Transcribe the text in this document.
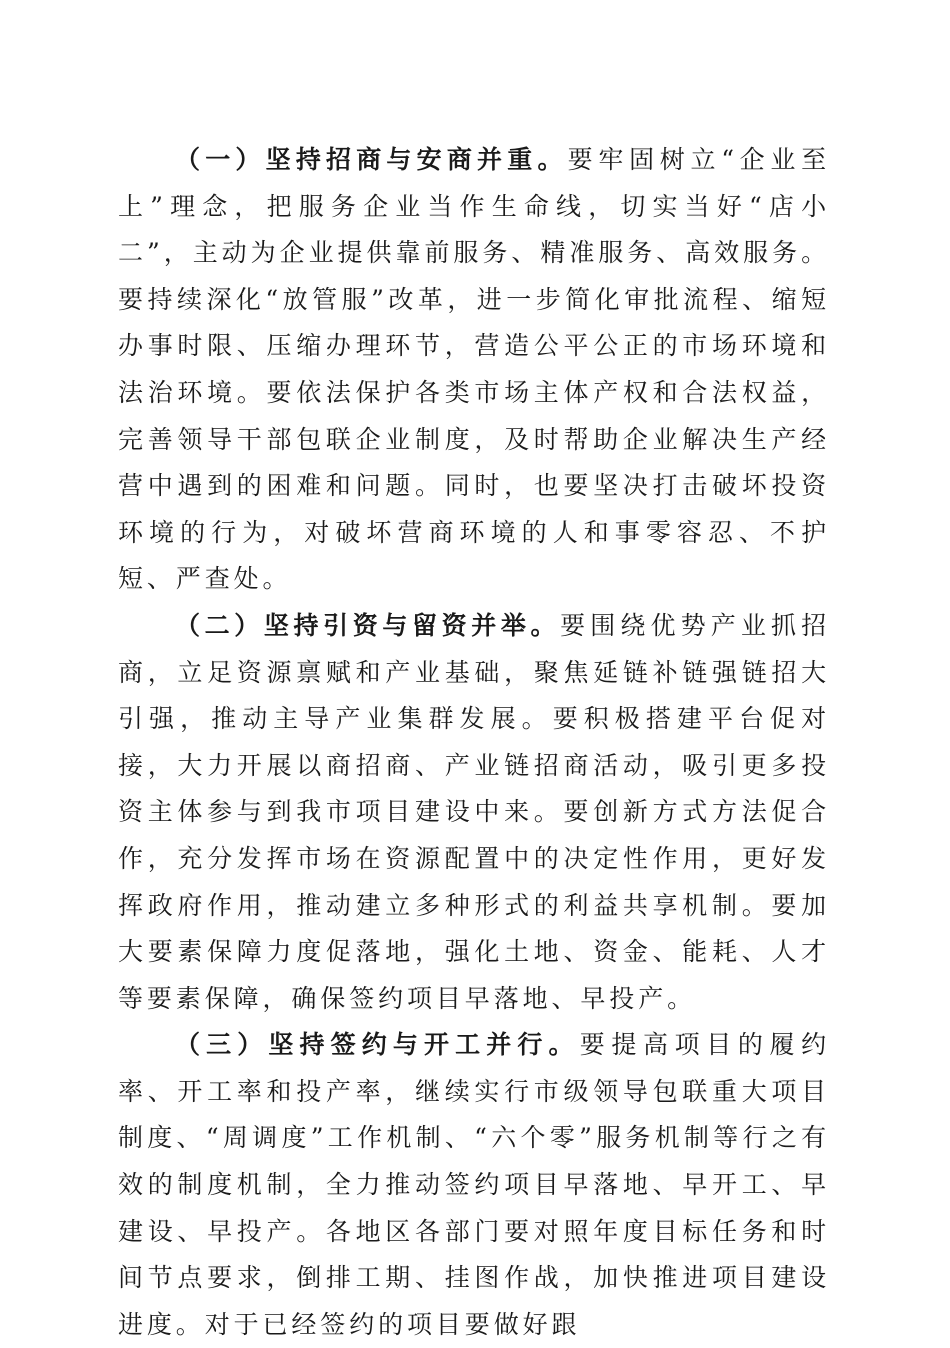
（一）坚持招商与安商并重。要牢固树立“企业至上”理念，把服务企业当作生命线，切实当好“店小二”，主动为企业提供靠前服务、精准服务、高效服务。要持续深化“放管服”改革，进一步简化审批流程、缩短办事时限、压缩办理环节，营造公平公正的市场环境和法治环境。要依法保护各类市场主体产权和合法权益，完善领导干部包联企业制度，及时帮助企业解决生产经营中遇到的困难和问题。同时，也要坚决打击破坏投资环境的行为，对破坏营商环境的人和事零容忍、不护短、严查处。

（二）坚持引资与留资并举。要围绕优势产业抓招商，立足资源禀赋和产业基础，聚焦延链补链强链招大引强，推动主导产业集群发展。要积极搭建平台促对接，大力开展以商招商、产业链招商活动，吸引更多投资主体参与到我市项目建设中来。要创新方式方法促合作，充分发挥市场在资源配置中的决定性作用，更好发挥政府作用，推动建立多种形式的利益共享机制。要加大要素保障力度促落地，强化土地、资金、能耗、人才等要素保障，确保签约项目早落地、早投产。

（三）坚持签约与开工并行。要提高项目的履约率、开工率和投产率，继续实行市级领导包联重大项目制度、“周调度”工作机制、“六个零”服务机制等行之有效的制度机制，全力推动签约项目早落地、早开工、早建设、早投产。各地区各部门要对照年度目标任务和时间节点要求，倒排工期、挂图作战，加快推进项目建设进度。对于已经签约的项目要做好跟
